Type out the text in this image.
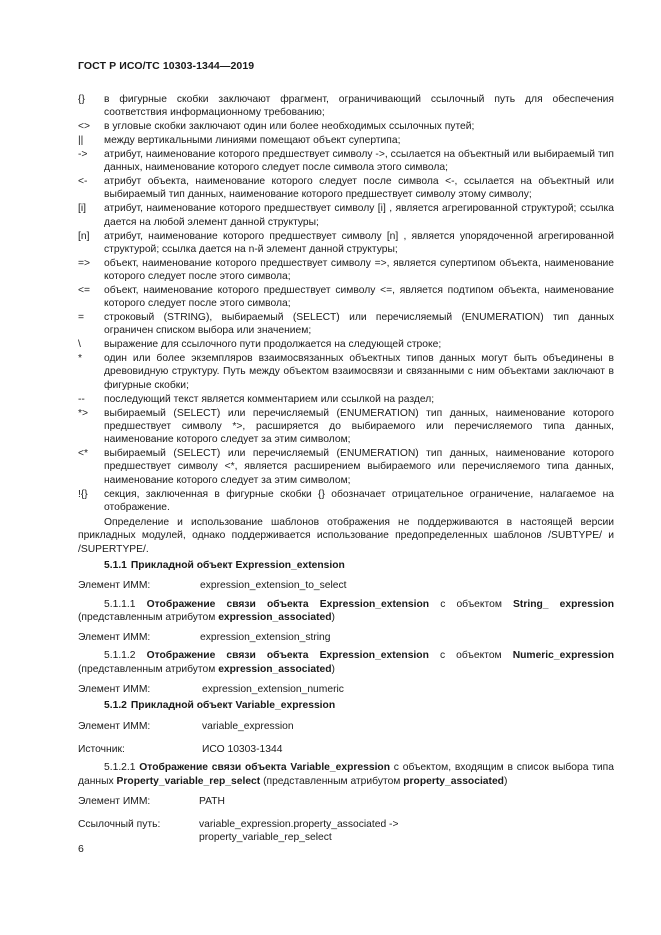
ГОСТ Р ИСО/ТС 10303-1344—2019
{}	в фигурные скобки заключают фрагмент, ограничивающий ссылочный путь для обеспечения соответствия информационному требованию;
<>	в угловые скобки заключают один или более необходимых ссылочных путей;
||	между вертикальными линиями помещают объект супертипа;
->	атрибут, наименование которого предшествует символу ->, ссылается на объектный или выбираемый тип данных, наименование которого следует после символа этого символа;
<-	атрибут объекта, наименование которого следует после символа <-, ссылается на объектный или выбираемый тип данных, наименование которого предшествует символу этому символу;
[i]	атрибут, наименование которого предшествует символу [i] , является агрегированной структурой; ссылка дается на любой элемент данной структуры;
[n]	атрибут, наименование которого предшествует символу [n] , является упорядоченной агрегированной структурой; ссылка дается на n-й элемент данной структуры;
=>	объект, наименование которого предшествует символу =>, является супертипом объекта, наименование которого следует после этого символа;
<=	объект, наименование которого предшествует символу <=, является подтипом объекта, наименование которого следует после этого символа;
=	строковый (STRING), выбираемый (SELECT) или перечисляемый (ENUMERATION) тип данных ограничен списком выбора или значением;
\	выражение для ссылочного пути продолжается на следующей строке;
*	один или более экземпляров взаимосвязанных объектных типов данных могут быть объединены в древовидную структуру. Путь между объектом взаимосвязи и связанными с ним объектами заключают в фигурные скобки;
--	последующий текст является комментарием или ссылкой на раздел;
*>	выбираемый (SELECT) или перечисляемый (ENUMERATION) тип данных, наименование которого предшествует символу *>, расширяется до выбираемого или перечисляемого типа данных, наименование которого следует за этим символом;
<*	выбираемый (SELECT) или перечисляемый (ENUMERATION) тип данных, наименование которого предшествует символу <*, является расширением выбираемого или перечисляемого типа данных, наименование которого следует за этим символом;
!{}	секция, заключенная в фигурные скобки {} обозначает отрицательное ограничение, налагаемое на отображение.

Определение и использование шаблонов отображения не поддерживаются в настоящей версии прикладных модулей, однако поддерживается использование предопределенных шаблонов /SUBTYPE/ и /SUPERTYPE/.

5.1.1 Прикладной объект Expression_extension

Элемент ИММ:	expression_extension_to_select

5.1.1.1 Отображение связи объекта Expression_extension с объектом String_ expression (представленным атрибутом expression_associated)

Элемент ИММ:	expression_extension_string

5.1.1.2 Отображение связи объекта Expression_extension с объектом Numeric_expression (представленным атрибутом expression_associated)

Элемент ИММ:	expression_extension_numeric

5.1.2 Прикладной объект Variable_expression

Элемент ИММ:	variable_expression
Источник:	ИСО 10303-1344

5.1.2.1 Отображение связи объекта Variable_expression с объектом, входящим в список выбора типа данных Property_variable_rep_select (представленным атрибутом property_associated)

Элемент ИММ:	PATH
Ссылочный путь:	variable_expression.property_associated ->
property_variable_rep_select
6
